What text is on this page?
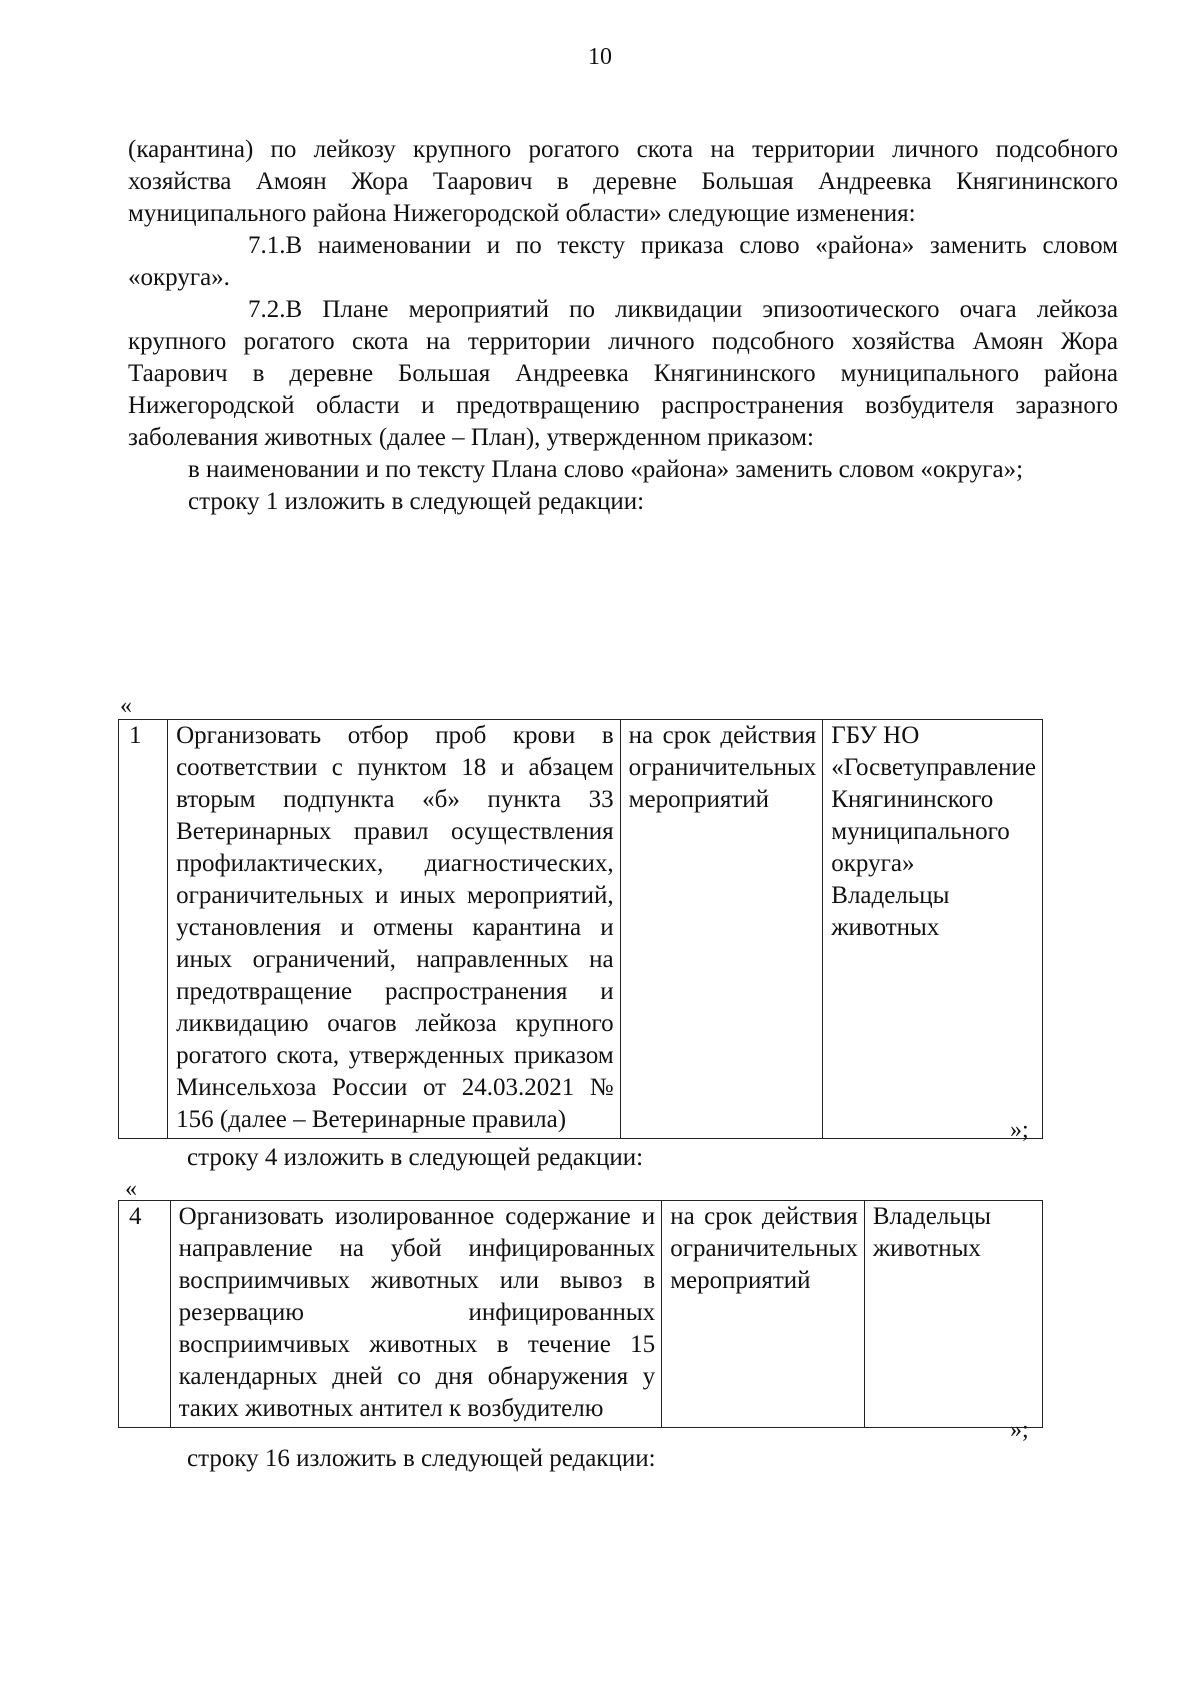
10

(карантина) по лейкозу крупного рогатого скота на территории личного подсобного хозяйства Амоян Жора Таарович в деревне Большая Андреевка Княгининского муниципального района Нижегородской области» следующие изменения:

7.1.В наименовании и по тексту приказа слово «района» заменить словом «округа».

7.2.В Плане мероприятий по ликвидации эпизоотического очага лейкоза крупного рогатого скота на территории личного подсобного хозяйства Амоян Жора Таарович в деревне Большая Андреевка Княгининского муниципального района Нижегородской области и предотвращению распространения возбудителя заразного заболевания животных (далее – План), утвержденном приказом:

в наименовании и по тексту Плана слово «района» заменить словом «округа»;

строку 1 изложить в следующей редакции:

«
1	Организовать отбор проб крови в соответствии с пунктом 18 и абзацем вторым подпункта «б» пункта 33 Ветеринарных правил осуществления профилактических, диагностических, ограничительных и иных мероприятий, установления и отмены карантина и иных ограничений, направленных на предотвращение распространения и ликвидацию очагов лейкоза крупного рогатого скота, утвержденных приказом Минсельхоза России от 24.03.2021 № 156 (далее – Ветеринарные правила)	на срок действия ограничительных мероприятий	ГБУ НО «Госветуправление Княгининского муниципального округа» Владельцы животных
»;
строку 4 изложить в следующей редакции:
«
4	Организовать изолированное содержание и направление на убой инфицированных восприимчивых животных или вывоз в резервацию инфицированных восприимчивых животных в течение 15 календарных дней со дня обнаружения у таких животных антител к возбудителю	на срок действия ограничительных мероприятий	Владельцы животных
»;
строку 16 изложить в следующей редакции:
